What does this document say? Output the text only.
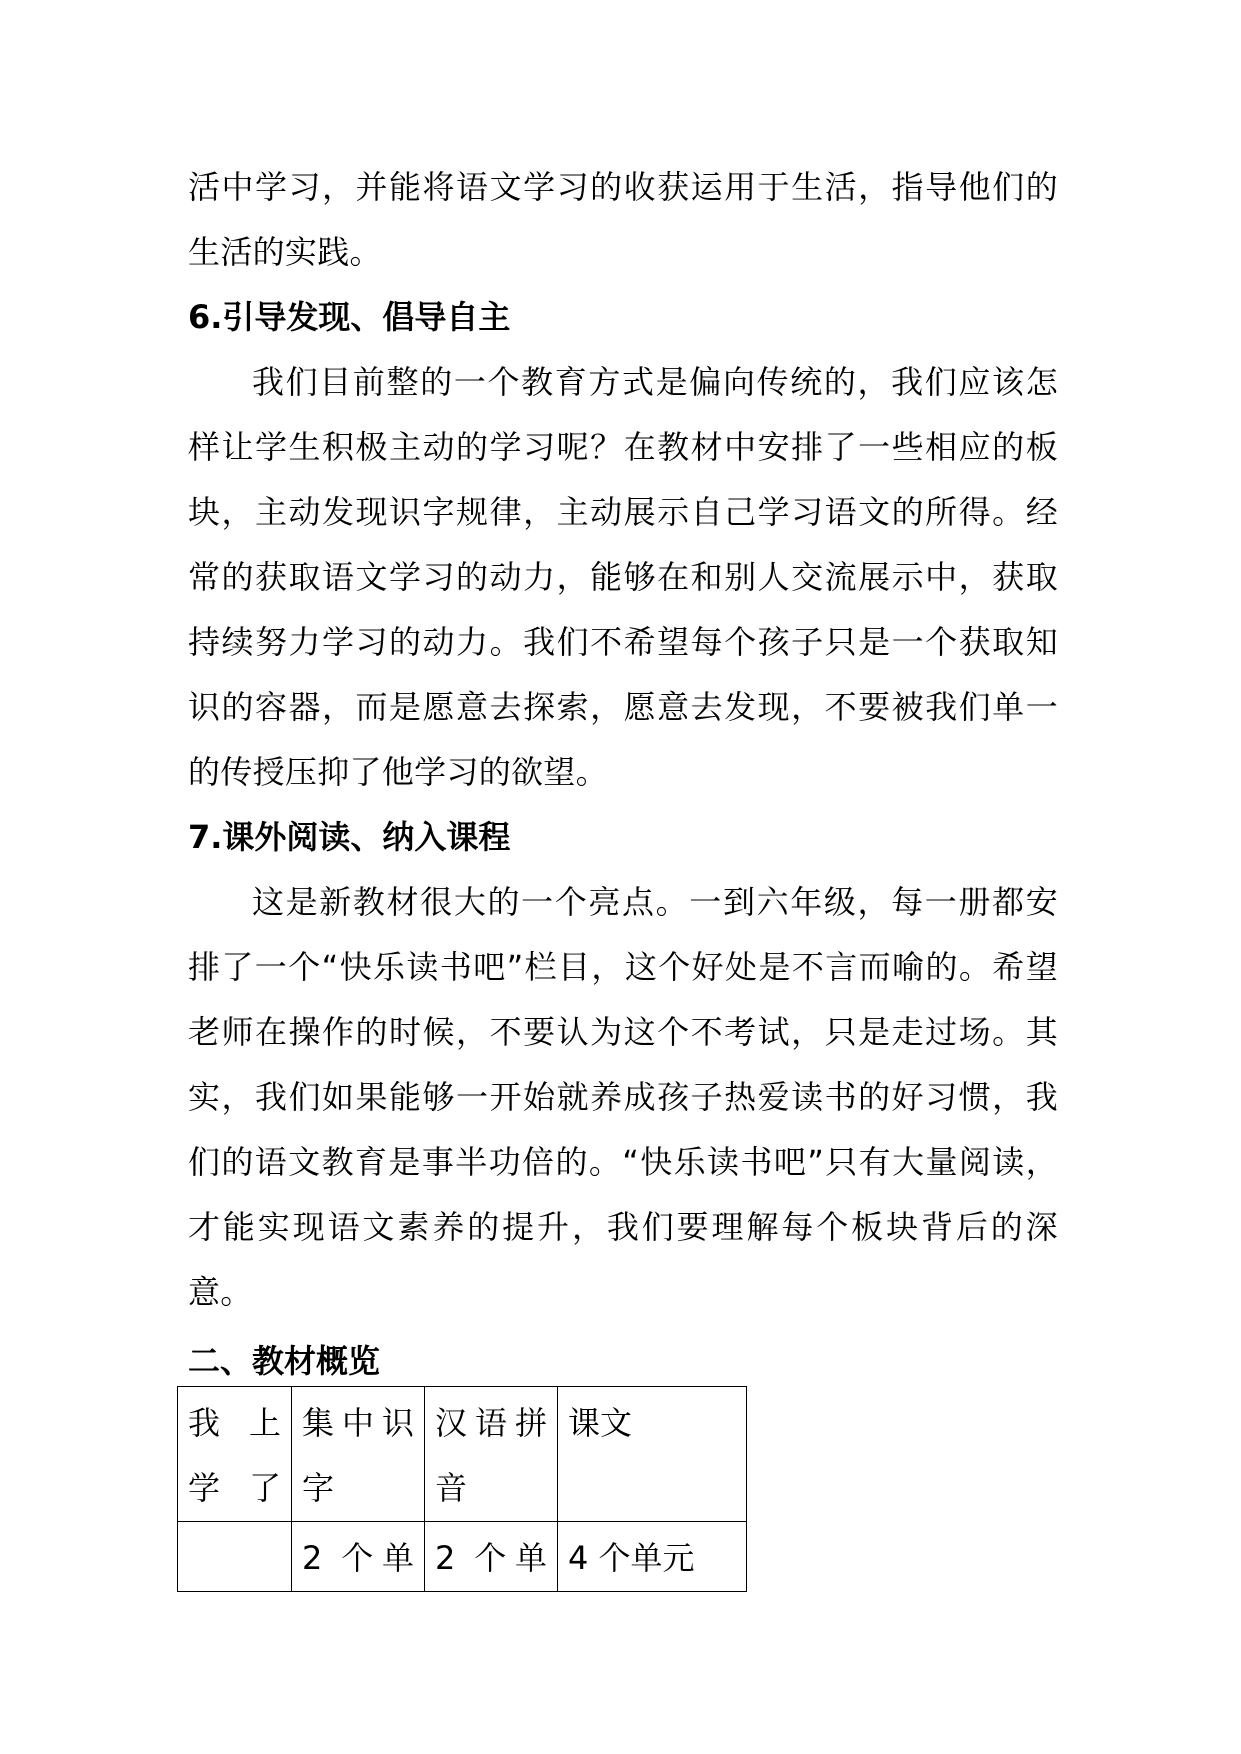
活中学习，并能将语文学习的收获运用于生活，指导他们的生活的实践。

6.引导发现、倡导自主

我们目前整的一个教育方式是偏向传统的，我们应该怎样让学生积极主动的学习呢？在教材中安排了一些相应的板块，主动发现识字规律，主动展示自己学习语文的所得。经常的获取语文学习的动力，能够在和别人交流展示中，获取持续努力学习的动力。我们不希望每个孩子只是一个获取知识的容器，而是愿意去探索，愿意去发现，不要被我们单一的传授压抑了他学习的欲望。

7.课外阅读、纳入课程

这是新教材很大的一个亮点。一到六年级，每一册都安排了一个“快乐读书吧”栏目，这个好处是不言而喻的。希望老师在操作的时候，不要认为这个不考试，只是走过场。其实，我们如果能够一开始就养成孩子热爱读书的好习惯，我们的语文教育是事半功倍的。“快乐读书吧”只有大量阅读，才能实现语文素养的提升，我们要理解每个板块背后的深意。

二、教材概览

我 上 学了	集中识字	汉语拼音	课文
	2 个单	2 个单	4 个单元
